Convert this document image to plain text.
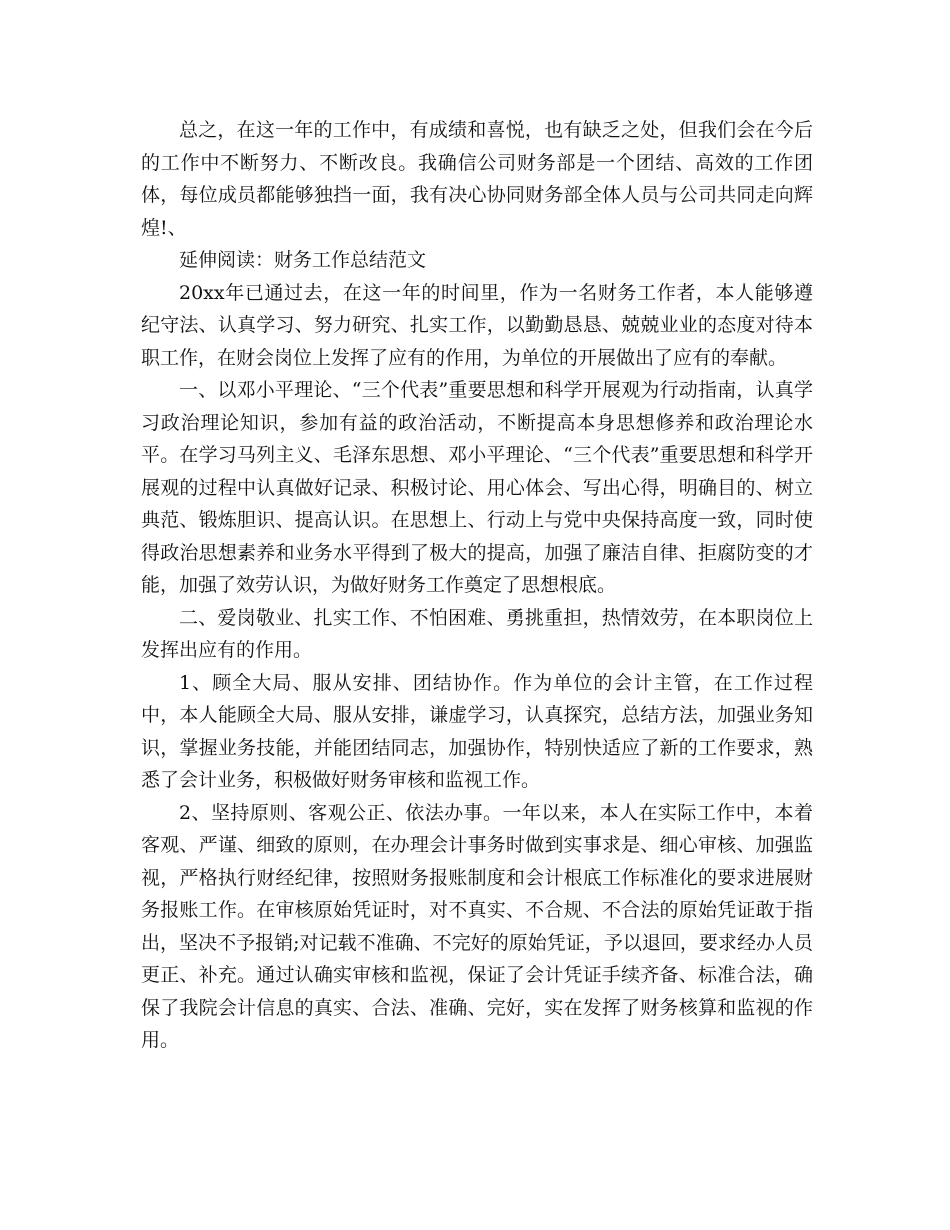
总之，在这一年的工作中，有成绩和喜悦，也有缺乏之处，但我们会在今后的工作中不断努力、不断改良。我确信公司财务部是一个团结、高效的工作团体，每位成员都能够独挡一面，我有决心协同财务部全体人员与公司共同走向辉煌!、

延伸阅读：财务工作总结范文

20xx年已通过去，在这一年的时间里，作为一名财务工作者，本人能够遵纪守法、认真学习、努力研究、扎实工作，以勤勤恳恳、兢兢业业的态度对待本职工作，在财会岗位上发挥了应有的作用，为单位的开展做出了应有的奉献。

一、以邓小平理论、“三个代表”重要思想和科学开展观为行动指南，认真学习政治理论知识，参加有益的政治活动，不断提高本身思想修养和政治理论水平。在学习马列主义、毛泽东思想、邓小平理论、“三个代表”重要思想和科学开展观的过程中认真做好记录、积极讨论、用心体会、写出心得，明确目的、树立典范、锻炼胆识、提高认识。在思想上、行动上与党中央保持高度一致，同时使得政治思想素养和业务水平得到了极大的提高，加强了廉洁自律、拒腐防变的才能，加强了效劳认识，为做好财务工作奠定了思想根底。

二、爱岗敬业、扎实工作、不怕困难、勇挑重担，热情效劳，在本职岗位上发挥出应有的作用。

1、顾全大局、服从安排、团结协作。作为单位的会计主管，在工作过程中，本人能顾全大局、服从安排，谦虚学习，认真探究，总结方法，加强业务知识，掌握业务技能，并能团结同志，加强协作，特别快适应了新的工作要求，熟悉了会计业务，积极做好财务审核和监视工作。

2、坚持原则、客观公正、依法办事。一年以来，本人在实际工作中，本着客观、严谨、细致的原则，在办理会计事务时做到实事求是、细心审核、加强监视，严格执行财经纪律，按照财务报账制度和会计根底工作标准化的要求进展财务报账工作。在审核原始凭证时，对不真实、不合规、不合法的原始凭证敢于指出，坚决不予报销;对记载不准确、不完好的原始凭证，予以退回，要求经办人员更正、补充。通过认确实审核和监视，保证了会计凭证手续齐备、标准合法，确保了我院会计信息的真实、合法、准确、完好，实在发挥了财务核算和监视的作用。
